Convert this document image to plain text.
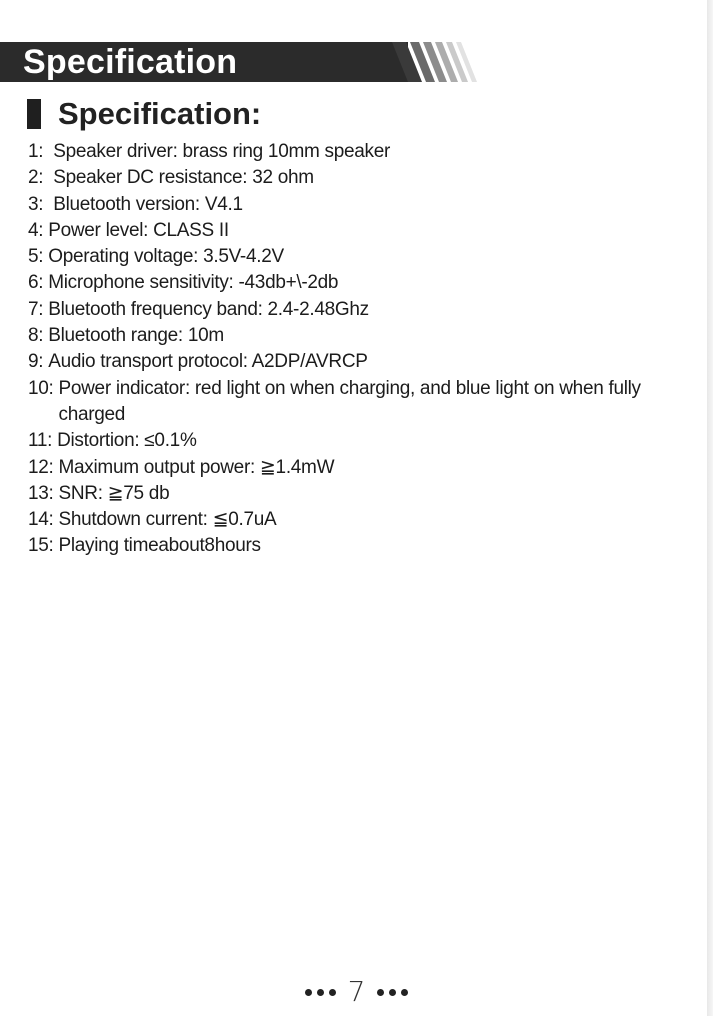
Specification
Specification:
1: Speaker driver: brass ring 10mm speaker
2: Speaker DC resistance: 32 ohm
3: Bluetooth version: V4.1
4: Power level: CLASS II
5: Operating voltage: 3.5V-4.2V
6: Microphone sensitivity: -43db+\-2db
7: Bluetooth frequency band: 2.4-2.48Ghz
8: Bluetooth range: 10m
9: Audio transport protocol: A2DP/AVRCP
10: Power indicator: red light on when charging, and blue light on when fully charged
11: Distortion: ≤0.1%
12: Maximum output power: ≧1.4mW
13: SNR: ≧75 db
14: Shutdown current: ≦0.7uA
15: Playing timeabout8hours
7
